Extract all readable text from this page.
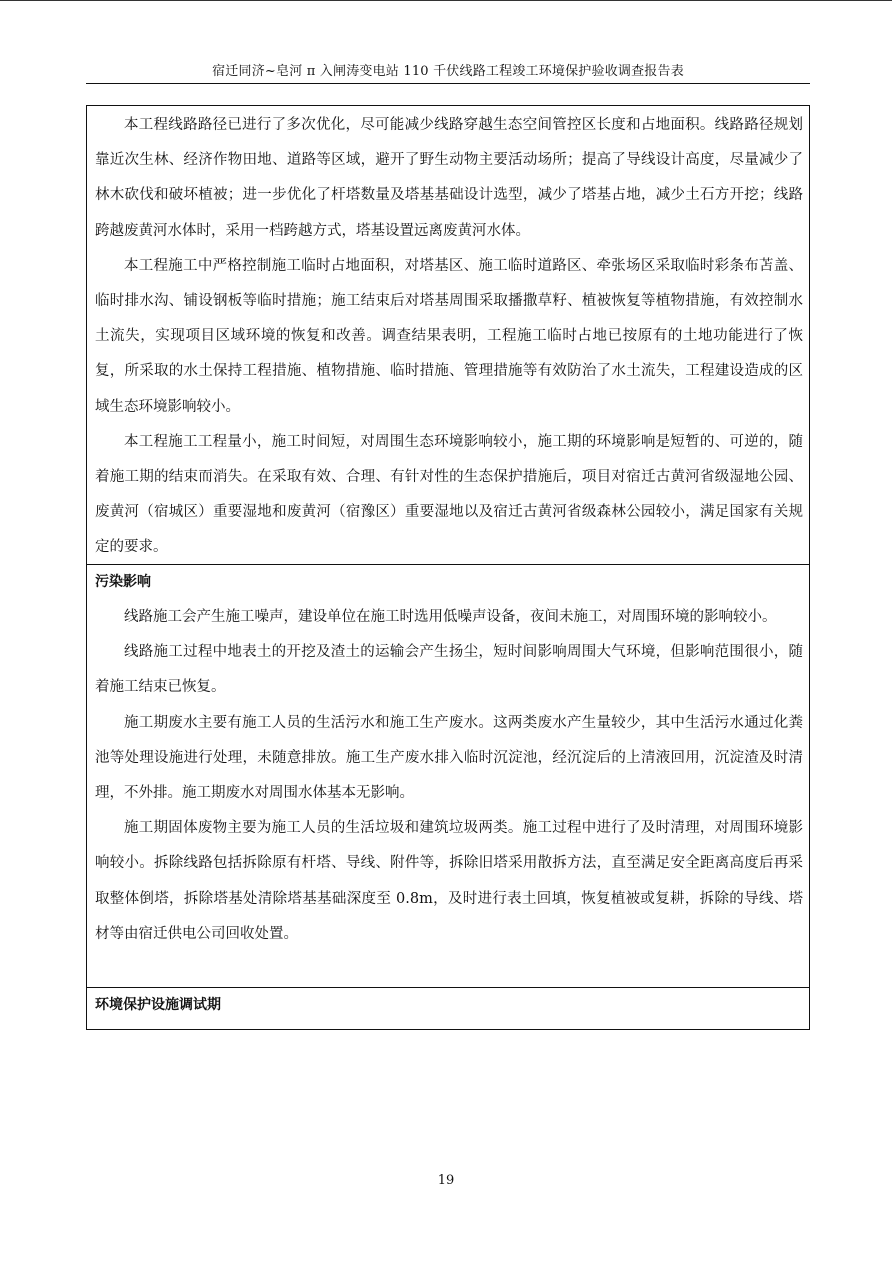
宿迁同济~皂河 π 入闸涛变电站 110 千伏线路工程竣工环境保护验收调查报告表

本工程线路路径已进行了多次优化，尽可能减少线路穿越生态空间管控区长度和占地面积。线路路径规划靠近次生林、经济作物田地、道路等区域，避开了野生动物主要活动场所；提高了导线设计高度，尽量减少了林木砍伐和破坏植被；进一步优化了杆塔数量及塔基基础设计选型，减少了塔基占地，减少土石方开挖；线路跨越废黄河水体时，采用一档跨越方式，塔基设置远离废黄河水体。

本工程施工中严格控制施工临时占地面积，对塔基区、施工临时道路区、牵张场区采取临时彩条布苫盖、临时排水沟、铺设钢板等临时措施；施工结束后对塔基周围采取播撒草籽、植被恢复等植物措施，有效控制水土流失，实现项目区域环境的恢复和改善。调查结果表明，工程施工临时占地已按原有的土地功能进行了恢复，所采取的水土保持工程措施、植物措施、临时措施、管理措施等有效防治了水土流失，工程建设造成的区域生态环境影响较小。

本工程施工工程量小，施工时间短，对周围生态环境影响较小，施工期的环境影响是短暂的、可逆的，随着施工期的结束而消失。在采取有效、合理、有针对性的生态保护措施后，项目对宿迁古黄河省级湿地公园、废黄河（宿城区）重要湿地和废黄河（宿豫区）重要湿地以及宿迁古黄河省级森林公园较小，满足国家有关规定的要求。

污染影响

线路施工会产生施工噪声，建设单位在施工时选用低噪声设备，夜间未施工，对周围环境的影响较小。

线路施工过程中地表土的开挖及渣土的运输会产生扬尘，短时间影响周围大气环境，但影响范围很小，随着施工结束已恢复。

施工期废水主要有施工人员的生活污水和施工生产废水。这两类废水产生量较少，其中生活污水通过化粪池等处理设施进行处理，未随意排放。施工生产废水排入临时沉淀池，经沉淀后的上清液回用，沉淀渣及时清理，不外排。施工期废水对周围水体基本无影响。

施工期固体废物主要为施工人员的生活垃圾和建筑垃圾两类。施工过程中进行了及时清理，对周围环境影响较小。拆除线路包括拆除原有杆塔、导线、附件等，拆除旧塔采用散拆方法，直至满足安全距离高度后再采取整体倒塔，拆除塔基处清除塔基基础深度至 0.8m，及时进行表土回填，恢复植被或复耕，拆除的导线、塔材等由宿迁供电公司回收处置。

环境保护设施调试期
19
